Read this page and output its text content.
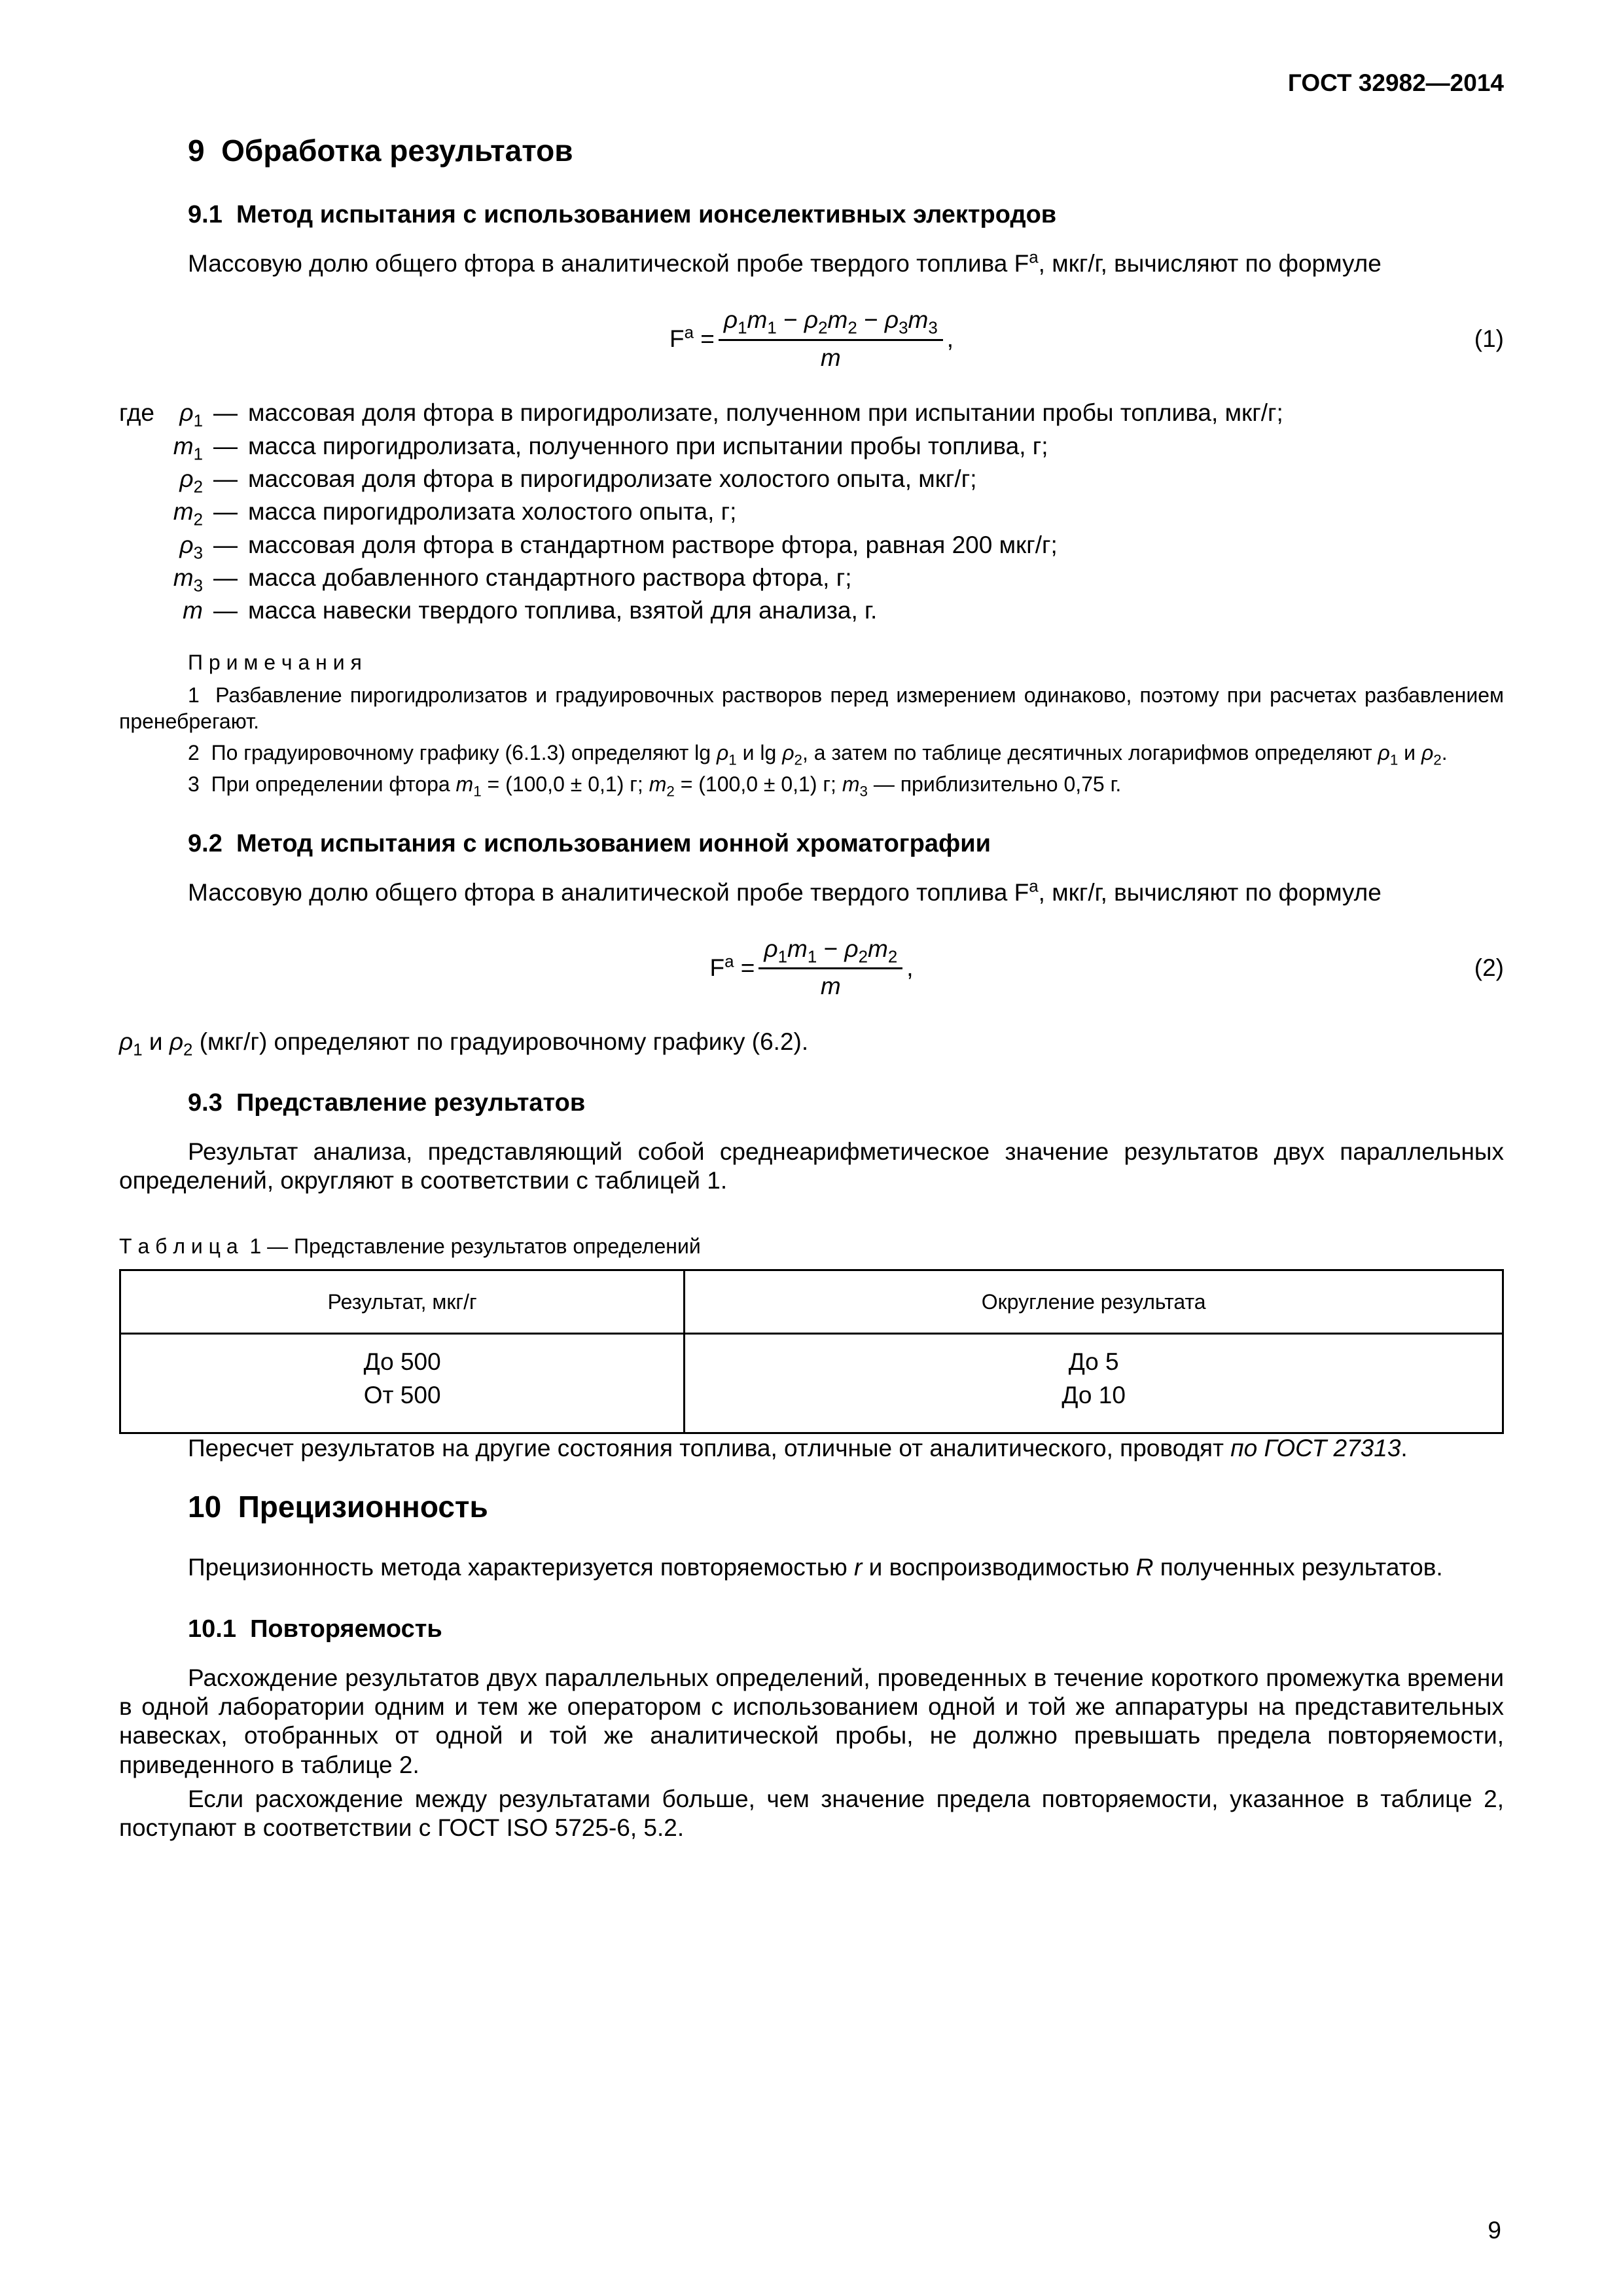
ГОСТ 32982—2014
9  Обработка результатов
9.1  Метод испытания с использованием ионселективных электродов

Массовую долю общего фтора в аналитической пробе твердого топлива $F^а$, мкг/г, вычисляют по формуле

$F^а = \frac{\rho_1m_1 - \rho_2m_2 - \rho_3m_3}{m}$ ,	(1)
где	$\rho_1$ — массовая доля фтора в пирогидролизате, полученном при испытании пробы топлива, мкг/г;
$m_1$ — масса пирогидролизата, полученного при испытании пробы топлива, г;
$\rho_2$ — массовая доля фтора в пирогидролизате холостого опыта, мкг/г;
$m_2$ — масса пирогидролизата холостого опыта, г;
$\rho_3$ — массовая доля фтора в стандартном растворе фтора, равная 200 мкг/г;
$m_3$ — масса добавленного стандартного раствора фтора, г;
m — масса навески твердого топлива, взятой для анализа, г.
П р и м е ч а н и я

1  Разбавление пирогидролизатов и градуировочных растворов перед измерением одинаково, поэтому при расчетах разбавлением пренебрегают.

2  По градуировочному графику (6.1.3) определяют $\lg \rho_1$ и $\lg \rho_2$, а затем по таблице десятичных логарифмов определяют $\rho_1$ и $\rho_2$.

3  При определении фтора $m_1 = (100,0 \pm 0,1)$ г; $m_2 = (100,0 \pm 0,1)$ г; $m_3$ — приблизительно 0,75 г.

9.2  Метод испытания с использованием ионной хроматографии

Массовую долю общего фтора в аналитической пробе твердого топлива $F^а$, мкг/г, вычисляют по формуле

$F^а = \frac{\rho_1m_1 - \rho_2m_2}{m}$ ,	(2)

$\rho_1$ и $\rho_2$ (мкг/г) определяют по градуировочному графику (6.2).

9.3  Представление результатов

Результат анализа, представляющий собой среднеарифметическое значение результатов двух параллельных определений, округляют в соответствии с таблицей 1.

Т а б л и ц а  1 — Представление результатов определений
Результат, мкг/г	Округление результата
До 500	До 5
От 500	До 10

Пересчет результатов на другие состояния топлива, отличные от аналитического, проводят по ГОСТ 27313.

10  Прецизионность

Прецизионность метода характеризуется повторяемостью r и воспроизводимостью R полученных результатов.

10.1  Повторяемость

Расхождение результатов двух параллельных определений, проведенных в течение короткого промежутка времени в одной лаборатории одним и тем же оператором с использованием одной и той же аппаратуры на представительных навесках, отобранных от одной и той же аналитической пробы, не должно превышать предела повторяемости, приведенного в таблице 2.

Если расхождение между результатами больше, чем значение предела повторяемости, указанное в таблице 2, поступают в соответствии с ГОСТ ISO 5725-6, 5.2.

9
